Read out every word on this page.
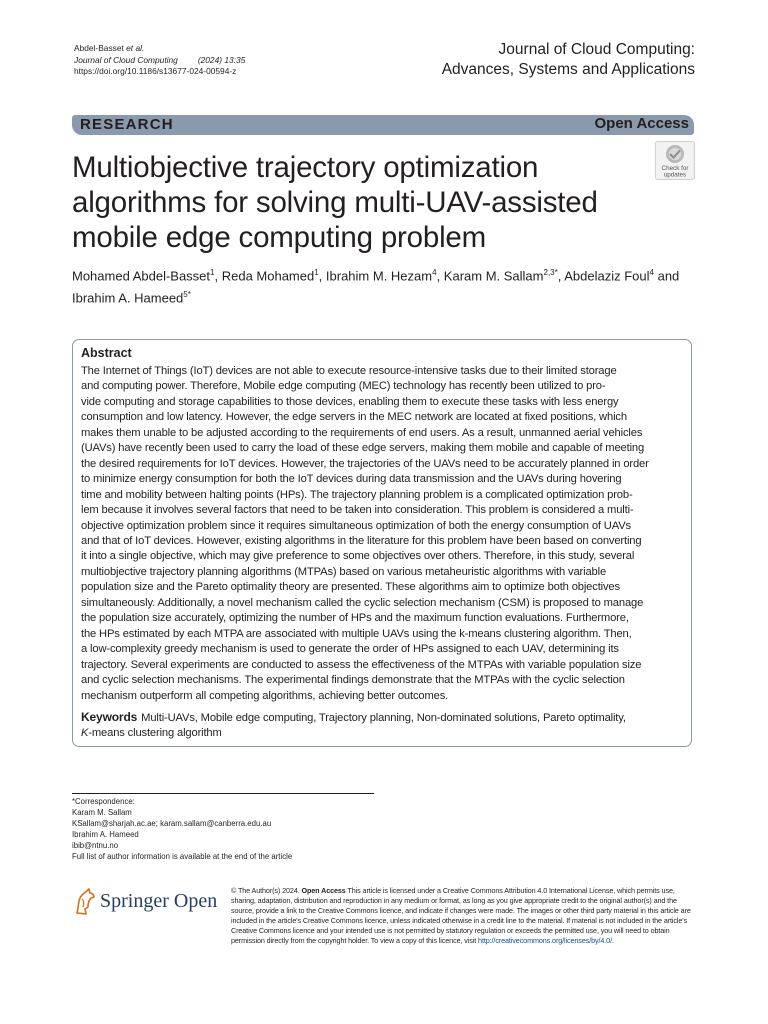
Abdel-Basset et al.
Journal of Cloud Computing (2024) 13:35
https://doi.org/10.1186/s13677-024-00594-z
Journal of Cloud Computing:
Advances, Systems and Applications
RESEARCH	Open Access
Check for
updates
Multiobjective trajectory optimization algorithms for solving multi-UAV-assisted mobile edge computing problem
Mohamed Abdel-Basset$^1$, Reda Mohamed$^1$, Ibrahim M. Hezam$^4$, Karam M. Sallam$^{2,3*}$, Abdelaziz Foul$^4$ and
Ibrahim A. Hameed$^{5*}$
Abstract
The Internet of Things (IoT) devices are not able to execute resource-intensive tasks due to their limited storage
and computing power. Therefore, Mobile edge computing (MEC) technology has recently been utilized to pro-
vide computing and storage capabilities to those devices, enabling them to execute these tasks with less energy
consumption and low latency. However, the edge servers in the MEC network are located at fixed positions, which
makes them unable to be adjusted according to the requirements of end users. As a result, unmanned aerial vehicles
(UAVs) have recently been used to carry the load of these edge servers, making them mobile and capable of meeting
the desired requirements for IoT devices. However, the trajectories of the UAVs need to be accurately planned in order
to minimize energy consumption for both the IoT devices during data transmission and the UAVs during hovering
time and mobility between halting points (HPs). The trajectory planning problem is a complicated optimization prob-
lem because it involves several factors that need to be taken into consideration. This problem is considered a multi-
objective optimization problem since it requires simultaneous optimization of both the energy consumption of UAVs
and that of IoT devices. However, existing algorithms in the literature for this problem have been based on converting
it into a single objective, which may give preference to some objectives over others. Therefore, in this study, several
multiobjective trajectory planning algorithms (MTPAs) based on various metaheuristic algorithms with variable
population size and the Pareto optimality theory are presented. These algorithms aim to optimize both objectives
simultaneously. Additionally, a novel mechanism called the cyclic selection mechanism (CSM) is proposed to manage
the population size accurately, optimizing the number of HPs and the maximum function evaluations. Furthermore,
the HPs estimated by each MTPA are associated with multiple UAVs using the k-means clustering algorithm. Then,
a low-complexity greedy mechanism is used to generate the order of HPs assigned to each UAV, determining its
trajectory. Several experiments are conducted to assess the effectiveness of the MTPAs with variable population size
and cyclic selection mechanisms. The experimental findings demonstrate that the MTPAs with the cyclic selection
mechanism outperform all competing algorithms, achieving better outcomes.
Keywords Multi-UAVs, Mobile edge computing, Trajectory planning, Non-dominated solutions, Pareto optimality,
K-means clustering algorithm
*Correspondence:
Karam M. Sallam
KSallam@sharjah.ac.ae; karam.sallam@canberra.edu.au
Ibrahim A. Hameed
ibib@ntnu.no
Full list of author information is available at the end of the article
Springer Open © The Author(s) 2024. Open Access This article is licensed under a Creative Commons Attribution 4.0 International License, which permits use, sharing, adaptation, distribution and reproduction in any medium or format, as long as you give appropriate credit to the original author(s) and the source, provide a link to the Creative Commons licence, and indicate if changes were made. The images or other third party material in this article are included in the article's Creative Commons licence, unless indicated otherwise in a credit line to the material. If material is not included in the article's Creative Commons licence and your intended use is not permitted by statutory regulation or exceeds the permitted use, you will need to obtain permission directly from the copyright holder. To view a copy of this licence, visit http://creativecommons.org/licenses/by/4.0/.
